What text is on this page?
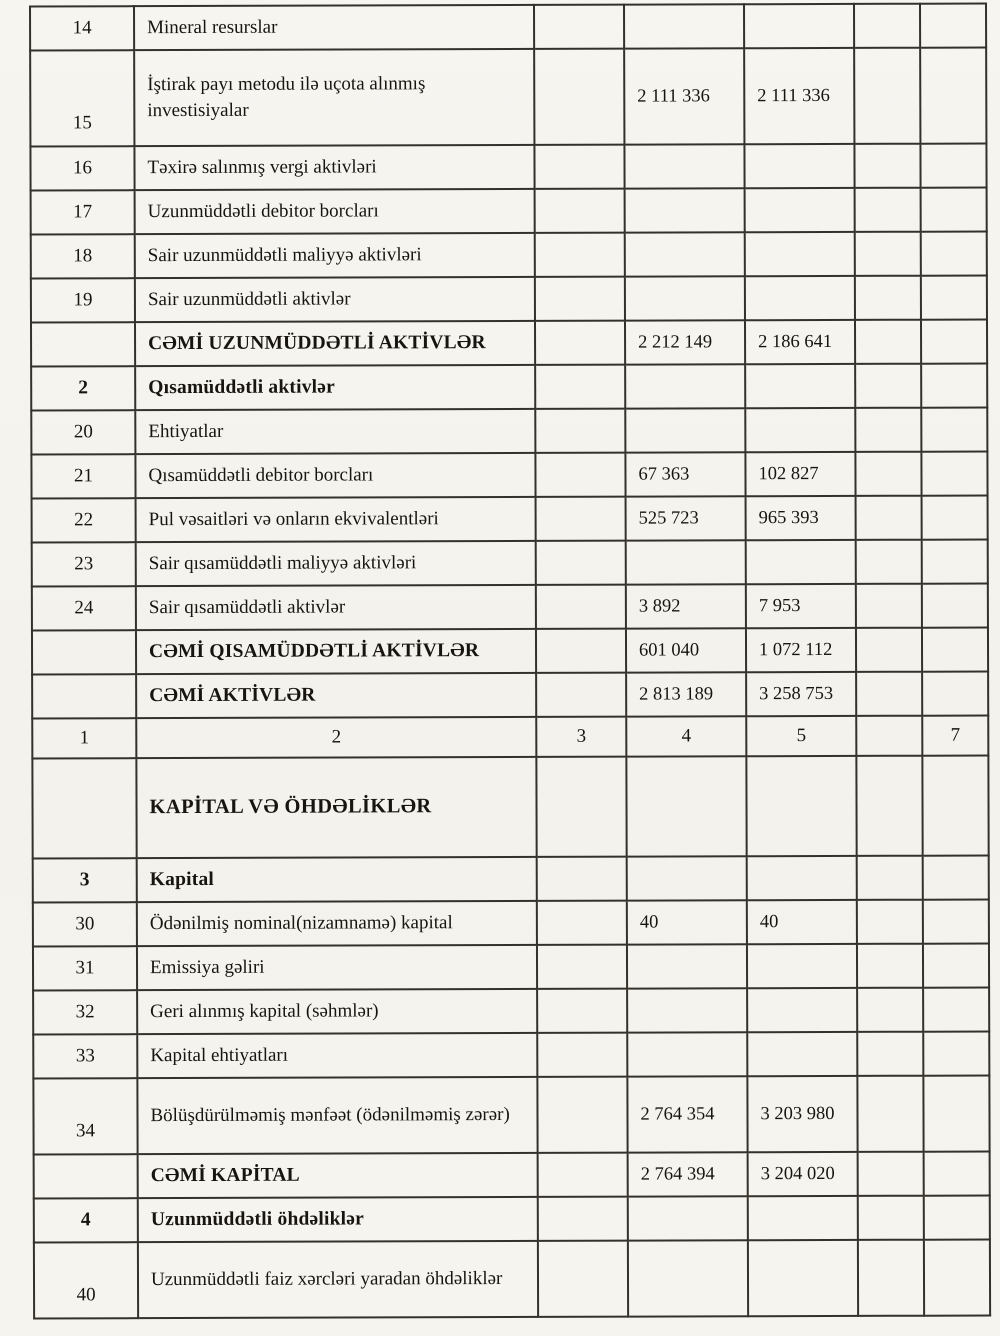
14	Mineral resurslar					
15	İştirak payı metodu ilə uçota alınmış investisiyalar		2 111 336	2 111 336		
16	Təxirə salınmış vergi aktivləri					
17	Uzunmüddətli debitor borcları					
18	Sair uzunmüddətli maliyyə aktivləri					
19	Sair uzunmüddətli aktivlər					
	CƏMİ UZUNMÜDDƏTLİ AKTİVLƏR		2 212 149	2 186 641		
2	Qısamüddətli aktivlər					
20	Ehtiyatlar					
21	Qısamüddətli debitor borcları		67 363	102 827		
22	Pul vəsaitləri və onların ekvivalentləri		525 723	965 393		
23	Sair qısamüddətli maliyyə aktivləri					
24	Sair qısamüddətli aktivlər		3 892	7 953		
	CƏMİ QISAMÜDDƏTLİ AKTİVLƏR		601 040	1 072 112		
	CƏMİ AKTİVLƏR		2 813 189	3 258 753		
1	2	3	4	5		7
	KAPİTAL VƏ ÖHDƏLİKLƏR					
3	Kapital					
30	Ödənilmiş nominal(nizamnamə) kapital		40	40		
31	Emissiya gəliri					
32	Geri alınmış kapital (səhmlər)					
33	Kapital ehtiyatları					
34	Bölüşdürülməmiş mənfəət (ödənilməmiş zərər)		2 764 354	3 203 980		
	CƏMİ KAPİTAL		2 764 394	3 204 020		
4	Uzunmüddətli öhdəliklər					
40	Uzunmüddətli faiz xərcləri yaradan öhdəliklər					
